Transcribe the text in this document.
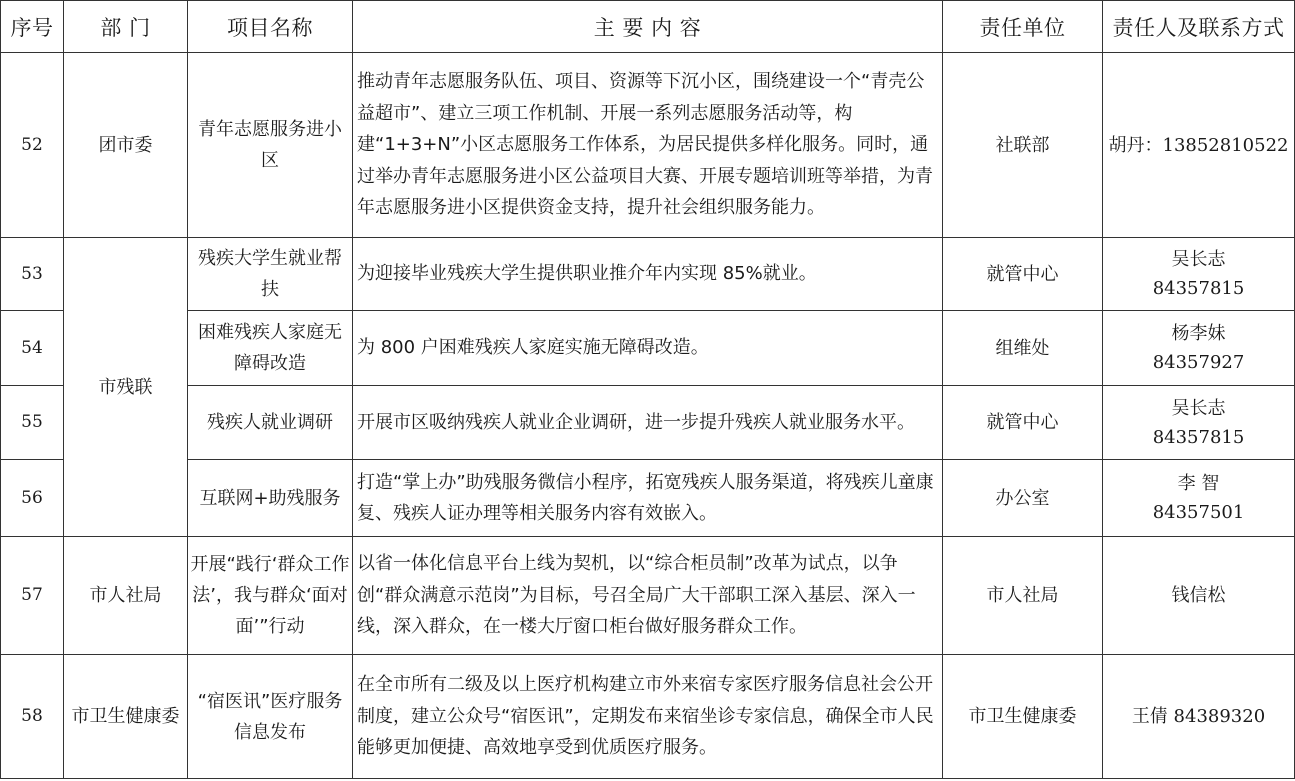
序号	部 门	项目名称	主 要 内 容	责任单位	责任人及联系方式
52	团市委	青年志愿服务进小区	推动青年志愿服务队伍、项目、资源等下沉小区，围绕建设一个“青壳公益超市”、建立三项工作机制、开展一系列志愿服务活动等，构建“1+3+N”小区志愿服务工作体系，为居民提供多样化服务。同时，通过举办青年志愿服务进小区公益项目大赛、开展专题培训班等举措，为青年志愿服务进小区提供资金支持，提升社会组织服务能力。	社联部	胡丹：13852810522
53	市残联	残疾大学生就业帮扶	为迎接毕业残疾大学生提供职业推介年内实现 85%就业。	就管中心	吴长志
84357815

54		困难残疾人家庭无障碍改造	为 800 户困难残疾人家庭实施无障碍改造。	组维处	杨李妹
84357927

55		残疾人就业调研	开展市区吸纳残疾人就业企业调研，进一步提升残疾人就业服务水平。	就管中心	吴长志
84357815

56		互联网+助残服务	打造“掌上办”助残服务微信小程序，拓宽残疾人服务渠道，将残疾儿童康复、残疾人证办理等相关服务内容有效嵌入。	办公室	李 智
84357501

57	市人社局	开展“践行‘群众工作法’，我与群众‘面对面’”行动	以省一体化信息平台上线为契机，以“综合柜员制”改革为试点，以争创“群众满意示范岗”为目标，号召全局广大干部职工深入基层、深入一线，深入群众，在一楼大厅窗口柜台做好服务群众工作。	市人社局	钱信松
58	市卫生健康委	“宿医讯”医疗服务信息发布	在全市所有二级及以上医疗机构建立市外来宿专家医疗服务信息社会公开制度，建立公众号“宿医讯”，定期发布来宿坐诊专家信息，确保全市人民能够更加便捷、高效地享受到优质医疗服务。	市卫生健康委	王倩 84389320
